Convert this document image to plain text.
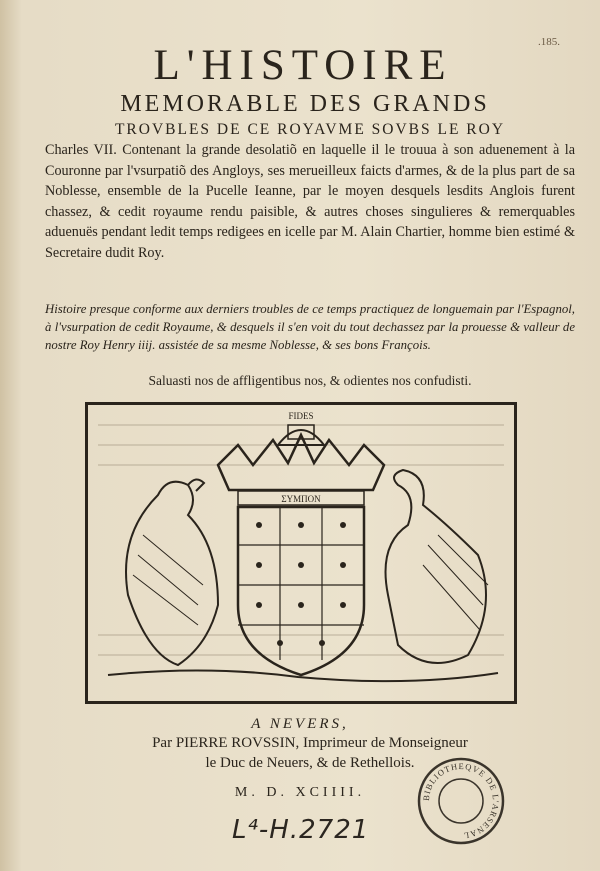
.185.
L'HISTOIRE
MEMORABLE DES GRANDS
TROVBLES DE CE ROYAVME SOVBS LE ROY
Charles VII. Contenant la grande desolatiõ en laquelle il le trouua à son aduenement à la Couronne par l'vsurpatiõ des Angloys, ses merueilleux faicts d'armes, & de la plus part de sa Noblesse, ensemble de la Pucelle Ieanne, par le moyen desquels lesdits Anglois furent chassez, & cedit royaume rendu paisible, & autres choses singulieres & remerquables aduenuës pendant ledit temps redigees en icelle par M. Alain Chartier, homme bien estimé & Secretaire dudit Roy.
Histoire presque conforme aux derniers troubles de ce temps practiquez de longuemain par l'Espagnol, à l'vsurpation de cedit Royaume, & desquels il s'en voit du tout dechassez par la prouesse & valleur de nostre Roy Henry iiij. assistée de sa mesme Noblesse, & ses bons François.
Saluasti nos de affligentibus nos, & odientes nos confudisti.
FIDES
ΣΥΜΠΟΝ
A NEVERS,
Par PIERRE ROVSSIN, Imprimeur de Monseigneur
le Duc de Neuers, & de Rethellois.
M. D. XCIIII.
L⁴-H.2721
BIBLIOTHEQVE DE L'ARSENAL
